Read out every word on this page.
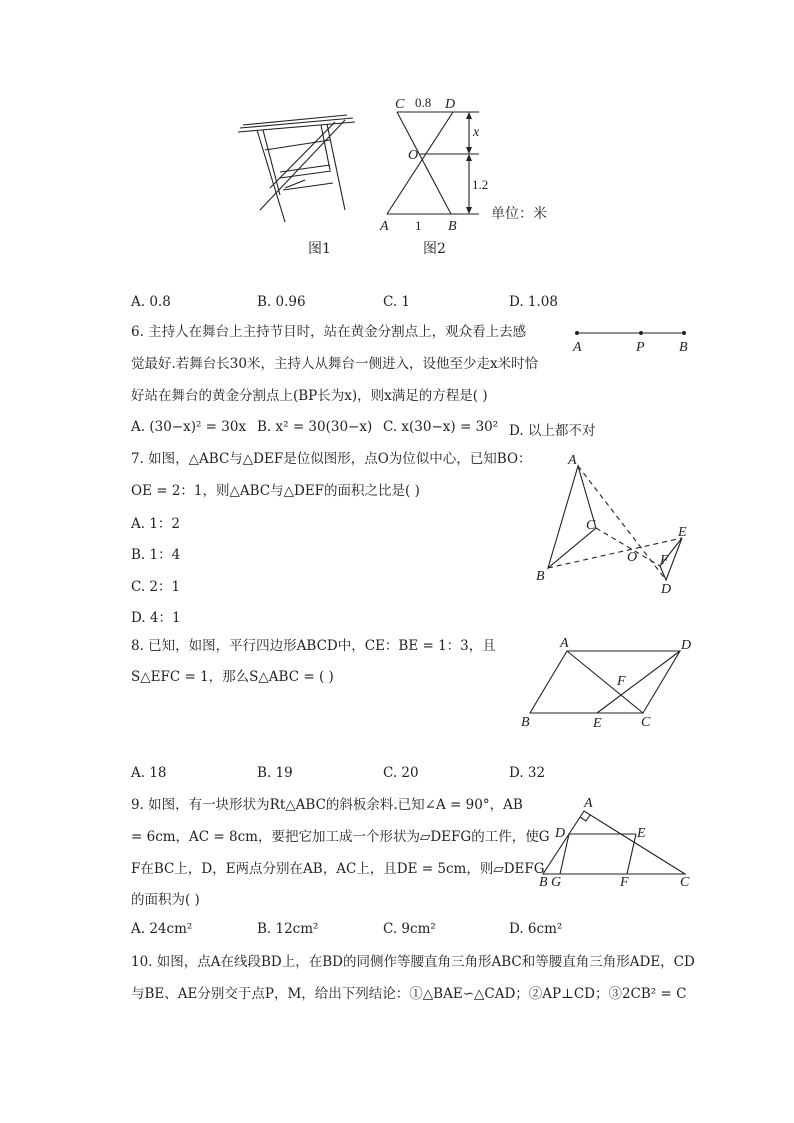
图1
C 0.8 D
O
x
1.2
A 1 B
单位：米
图2
A. 0.8	B. 0.96	C. 1	D. 1.08
6. 主持人在舞台上主持节目时，站在黄金分割点上，观众看上去感
觉最好.若舞台长30米，主持人从舞台一侧进入，设他至少走x米时恰
好站在舞台的黄金分割点上(BP长为x)，则x满足的方程是( )
A	P B
A. (30−x)² = 30x B. x² = 30(30−x) C. x(30−x) = 30² D. 以上都不对
7. 如图，△ABC与△DEF是位似图形，点O为位似中心，已知BO：
OE = 2：1，则△ABC与△DEF的面积之比是( )
A. 1：2
B. 1：4
C. 2：1
D. 4：1
A
B
C
O
E
F
D
8. 已知，如图，平行四边形ABCD中，CE：BE = 1：3，且
S△EFC = 1，那么S△ABC = ( )
A	D
F
B	E	C
A. 18	B. 19	C. 20	D. 32
9. 如图，有一块形状为Rt△ABC的斜板余料.已知∠A = 90°，AB
= 6cm，AC = 8cm，要把它加工成一个形状为▱DEFG的工件，使G
F在BC上，D，E两点分别在AB，AC上，且DE = 5cm，则▱DEFG
的面积为( )
A
D	E
B G	F	C
A. 24cm²	B. 12cm²	C. 9cm²	D. 6cm²
10. 如图，点A在线段BD上，在BD的同侧作等腰直角三角形ABC和等腰直角三角形ADE，CD
与BE、AE分别交于点P，M，给出下列结论：①△BAE∽△CAD；②AP⊥CD；③2CB² = C
